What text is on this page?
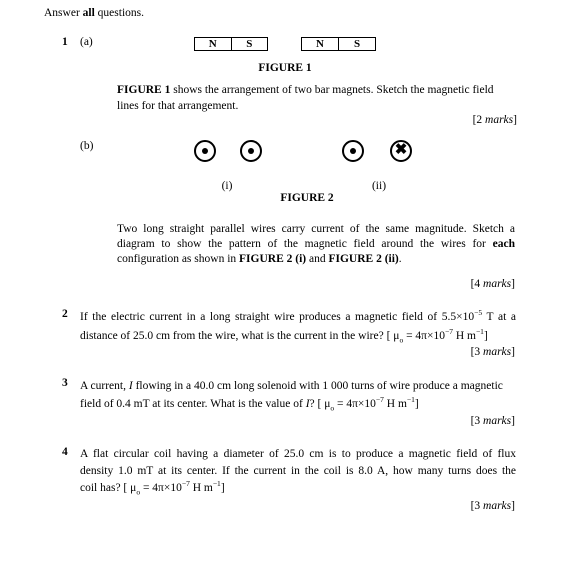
Answer all questions.
1 (a)	N	S	N	S
FIGURE 1
FIGURE 1 shows the arrangement of two bar magnets. Sketch the magnetic field
lines for that arrangement.
[2 marks]
(b)	✖
(i)	(ii)
FIGURE 2
Two long straight parallel wires carry current of the same magnitude. Sketch a diagram to show the pattern of the magnetic field around the wires for each configuration as shown in FIGURE 2 (i) and FIGURE 2 (ii).
[4 marks]
2 If the electric current in a long straight wire produces a magnetic field of $5.5\times 10^{-5}$ T at a
distance of 25.0 cm from the wire, what is the current in the wire? [ $\mu_o = 4\pi\times 10^{-7}$ H $m^{-1}$]
[3 marks]
3 A current, I flowing in a 40.0 cm long solenoid with 1 000 turns of wire produce a magnetic
field of 0.4 mT at its center. What is the value of I? [ $\mu_o = 4\pi\times 10^{-7}$ H $m^{-1}$]
[3 marks]
4 A flat circular coil having a diameter of 25.0 cm is to produce a magnetic field of flux
density 1.0 mT at its center. If the current in the coil is 8.0 A, how many turns does the
coil has? [ $\mu_o = 4\pi\times 10^{-7}$ H $m^{-1}$]
[3 marks]
